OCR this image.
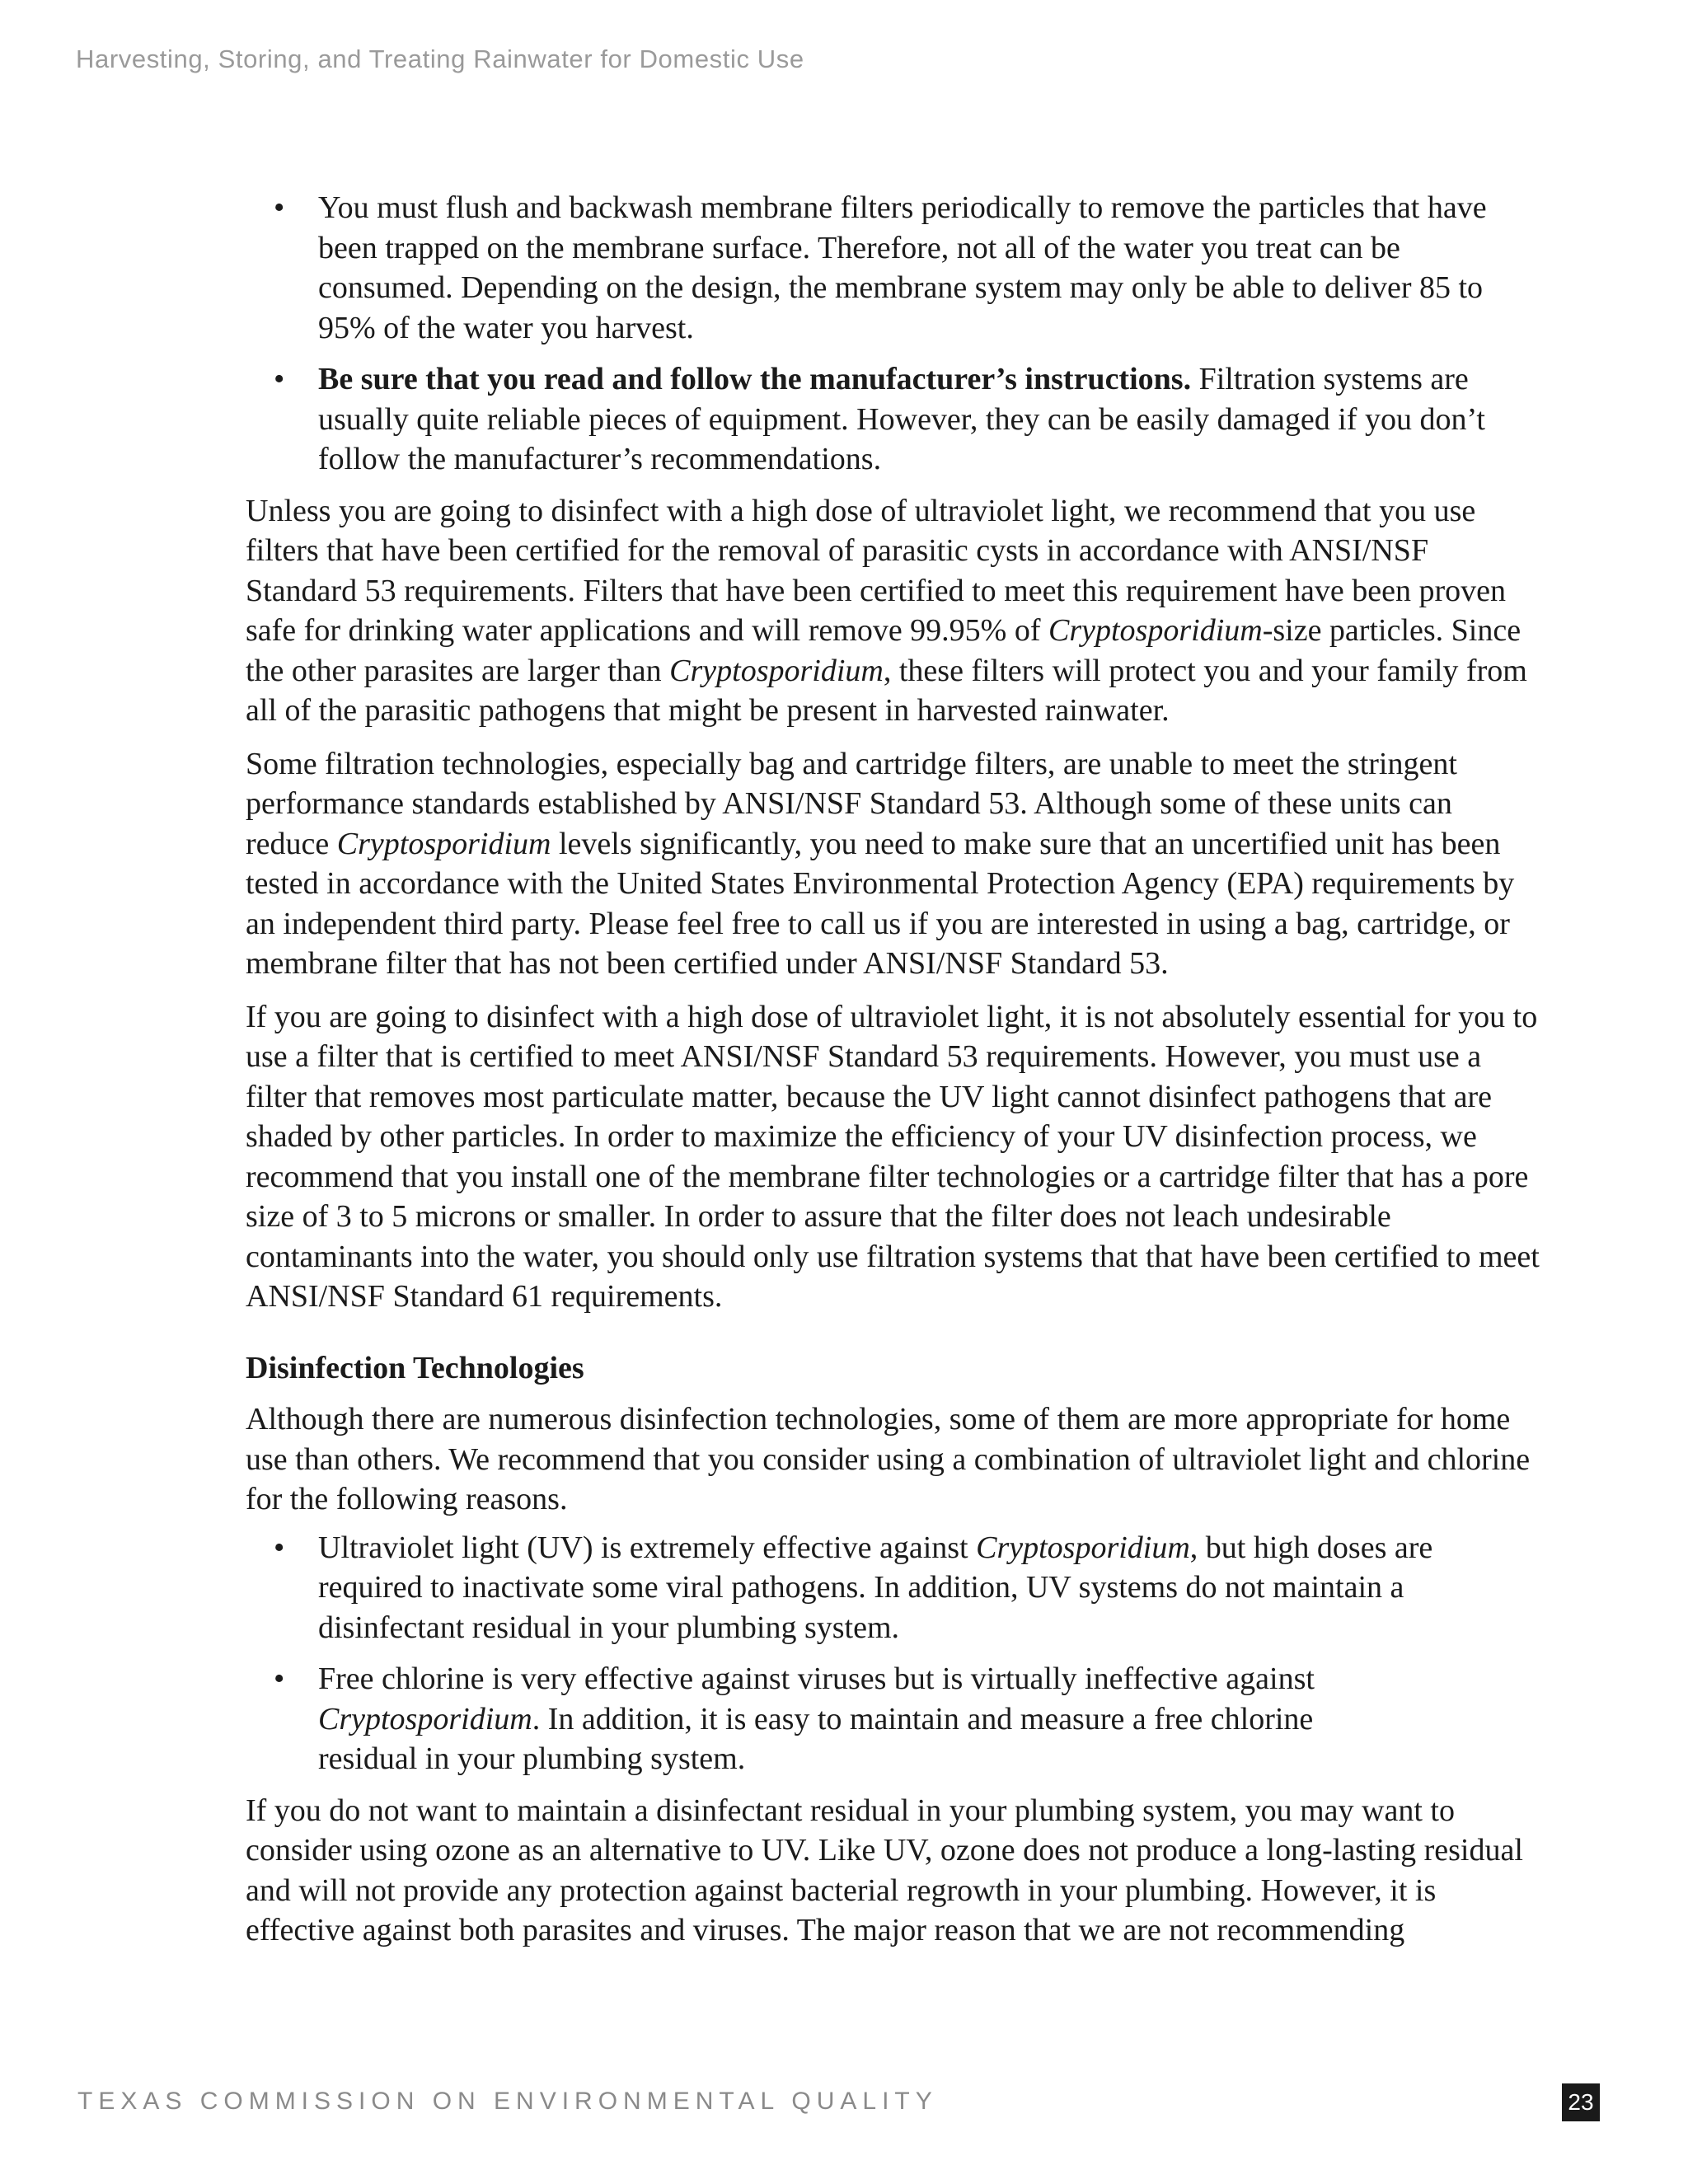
Harvesting, Storing, and Treating Rainwater for Domestic Use
• You must flush and backwash membrane filters periodically to remove the particles that have been trapped on the membrane surface. Therefore, not all of the water you treat can be consumed. Depending on the design, the membrane system may only be able to deliver 85 to 95% of the water you harvest.
• Be sure that you read and follow the manufacturer’s instructions. Filtration systems are usually quite reliable pieces of equipment. However, they can be easily damaged if you don’t follow the manufacturer’s recommendations.

Unless you are going to disinfect with a high dose of ultraviolet light, we recommend that you use filters that have been certified for the removal of parasitic cysts in accordance with ANSI/NSF Standard 53 requirements. Filters that have been certified to meet this requirement have been proven safe for drinking water applications and will remove 99.95% of Cryptosporidium-size particles. Since the other parasites are larger than Cryptosporidium, these filters will protect you and your family from all of the parasitic pathogens that might be present in harvested rainwater.

Some filtration technologies, especially bag and cartridge filters, are unable to meet the stringent performance standards established by ANSI/NSF Standard 53. Although some of these units can reduce Cryptosporidium levels significantly, you need to make sure that an uncertified unit has been tested in accordance with the United States Environmental Protection Agency (EPA) requirements by an independent third party. Please feel free to call us if you are interested in using a bag, cartridge, or membrane filter that has not been certified under ANSI/NSF Standard 53.

If you are going to disinfect with a high dose of ultraviolet light, it is not absolutely essential for you to use a filter that is certified to meet ANSI/NSF Standard 53 requirements. However, you must use a filter that removes most particulate matter, because the UV light cannot disinfect pathogens that are shaded by other particles. In order to maximize the efficiency of your UV disinfection process, we recommend that you install one of the membrane filter technologies or a cartridge filter that has a pore size of 3 to 5 microns or smaller. In order to assure that the filter does not leach undesirable contaminants into the water, you should only use filtration systems that that have been certified to meet ANSI/NSF Standard 61 requirements.

Disinfection Technologies

Although there are numerous disinfection technologies, some of them are more appropriate for home use than others. We recommend that you consider using a combination of ultraviolet light and chlorine for the following reasons.

• Ultraviolet light (UV) is extremely effective against Cryptosporidium, but high doses are required to inactivate some viral pathogens. In addition, UV systems do not maintain a disinfectant residual in your plumbing system.
• Free chlorine is very effective against viruses but is virtually ineffective against Cryptosporidium. In addition, it is easy to maintain and measure a free chlorine residual in your plumbing system.

If you do not want to maintain a disinfectant residual in your plumbing system, you may want to consider using ozone as an alternative to UV. Like UV, ozone does not produce a long-lasting residual and will not provide any protection against bacterial regrowth in your plumbing. However, it is effective against both parasites and viruses. The major reason that we are not recommending

TEXAS COMMISSION ON ENVIRONMENTAL QUALITY	23
